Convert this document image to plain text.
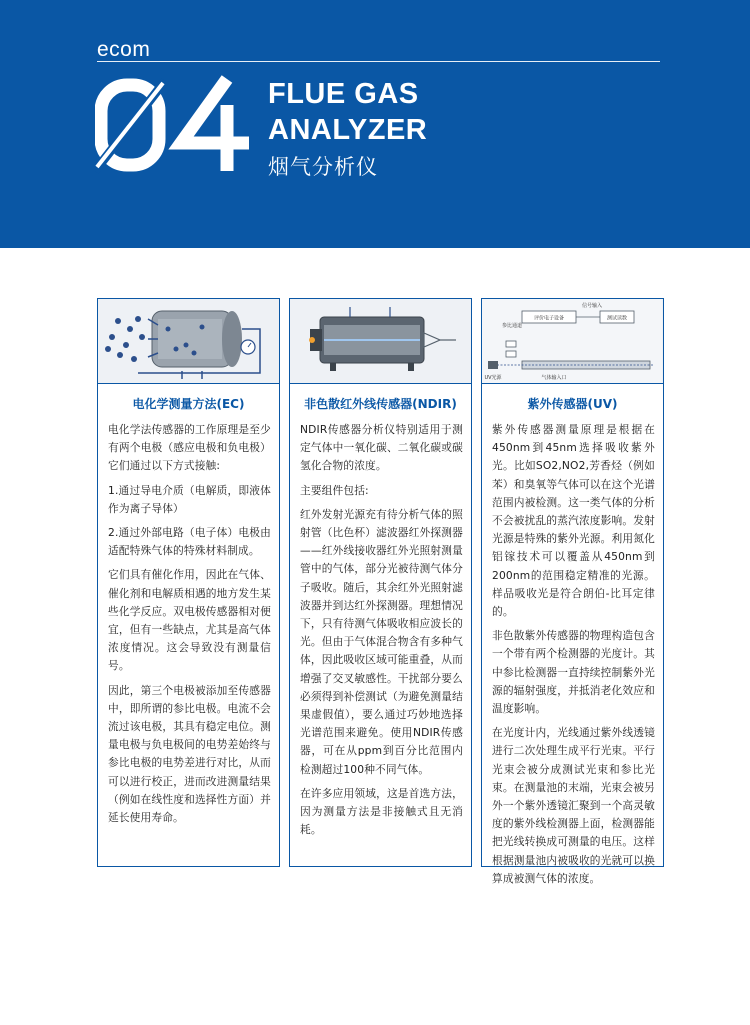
ecom
04
FLUE GAS
ANALYZER
烟气分析仪
电化学测量方法(EC)

电化学法传感器的工作原理是至少有两个电极（感应电极和负电极）它们通过以下方式接触:

1.通过导电介质（电解质，即液体作为离子导体）

2.通过外部电路（电子体）电极由适配特殊气体的特殊材料制成。

它们具有催化作用，因此在气体、催化剂和电解质相遇的地方发生某些化学反应。双电极传感器相对便宜，但有一些缺点，尤其是高气体浓度情况。这会导致没有测量信号。

因此，第三个电极被添加至传感器中，即所谓的参比电极。电流不会流过该电极，其具有稳定电位。测量电极与负电极间的电势差始终与参比电极的电势差进行对比，从而可以进行校正，进而改进测量结果（例如在线性度和选择性方面）并延长使用寿命。

非色散红外线传感器(NDIR)

NDIR传感器分析仪特别适用于测定气体中一氧化碳、二氧化碳或碳氢化合物的浓度。

主要组件包括:

红外发射光源充有待分析气体的照射管（比色杯）滤波器红外探测器——红外线接收器红外光照射测量管中的气体，部分光被待测气体分子吸收。随后，其余红外光照射滤波器并到达红外探测器。理想情况下，只有待测气体吸收相应波长的光。但由于气体混合物含有多种气体，因此吸收区域可能重叠，从而增强了交叉敏感性。干扰部分要么必须得到补偿测试（为避免测量结果虚假值），要么通过巧妙地选择光谱范围来避免。使用NDIR传感器，可在从ppm到百分比范围内检测超过100种不同气体。

在许多应用领域，这是首选方法，因为测量方法是非接触式且无消耗。

评价电子设备	测试读数
信号输入
参比通道
UV光源	气体输入口
紫外传感器(UV)

紫外传感器测量原理是根据在450nm到45nm选择吸收紫外光。比如SO2,NO2,芳香烃（例如苯）和臭氧等气体可以在这个光谱范围内被检测。这一类气体的分析不会被扰乱的蒸汽浓度影响。发射光源是特殊的紫外光源。利用氮化铝镓技术可以覆盖从450nm到200nm的范围稳定精准的光源。样品吸收光是符合朗伯-比耳定律的。

非色散紫外传感器的物理构造包含一个带有两个检测器的光度计。其中参比检测器一直持续控制紫外光源的辐射强度，并抵消老化效应和温度影响。

在光度计内，光线通过紫外线透镜进行二次处理生成平行光束。平行光束会被分成测试光束和参比光束。在测量池的末端，光束会被另外一个紫外透镜汇聚到一个高灵敏度的紫外线检测器上面，检测器能把光线转换成可测量的电压。这样根据测量池内被吸收的光就可以换算成被测气体的浓度。
